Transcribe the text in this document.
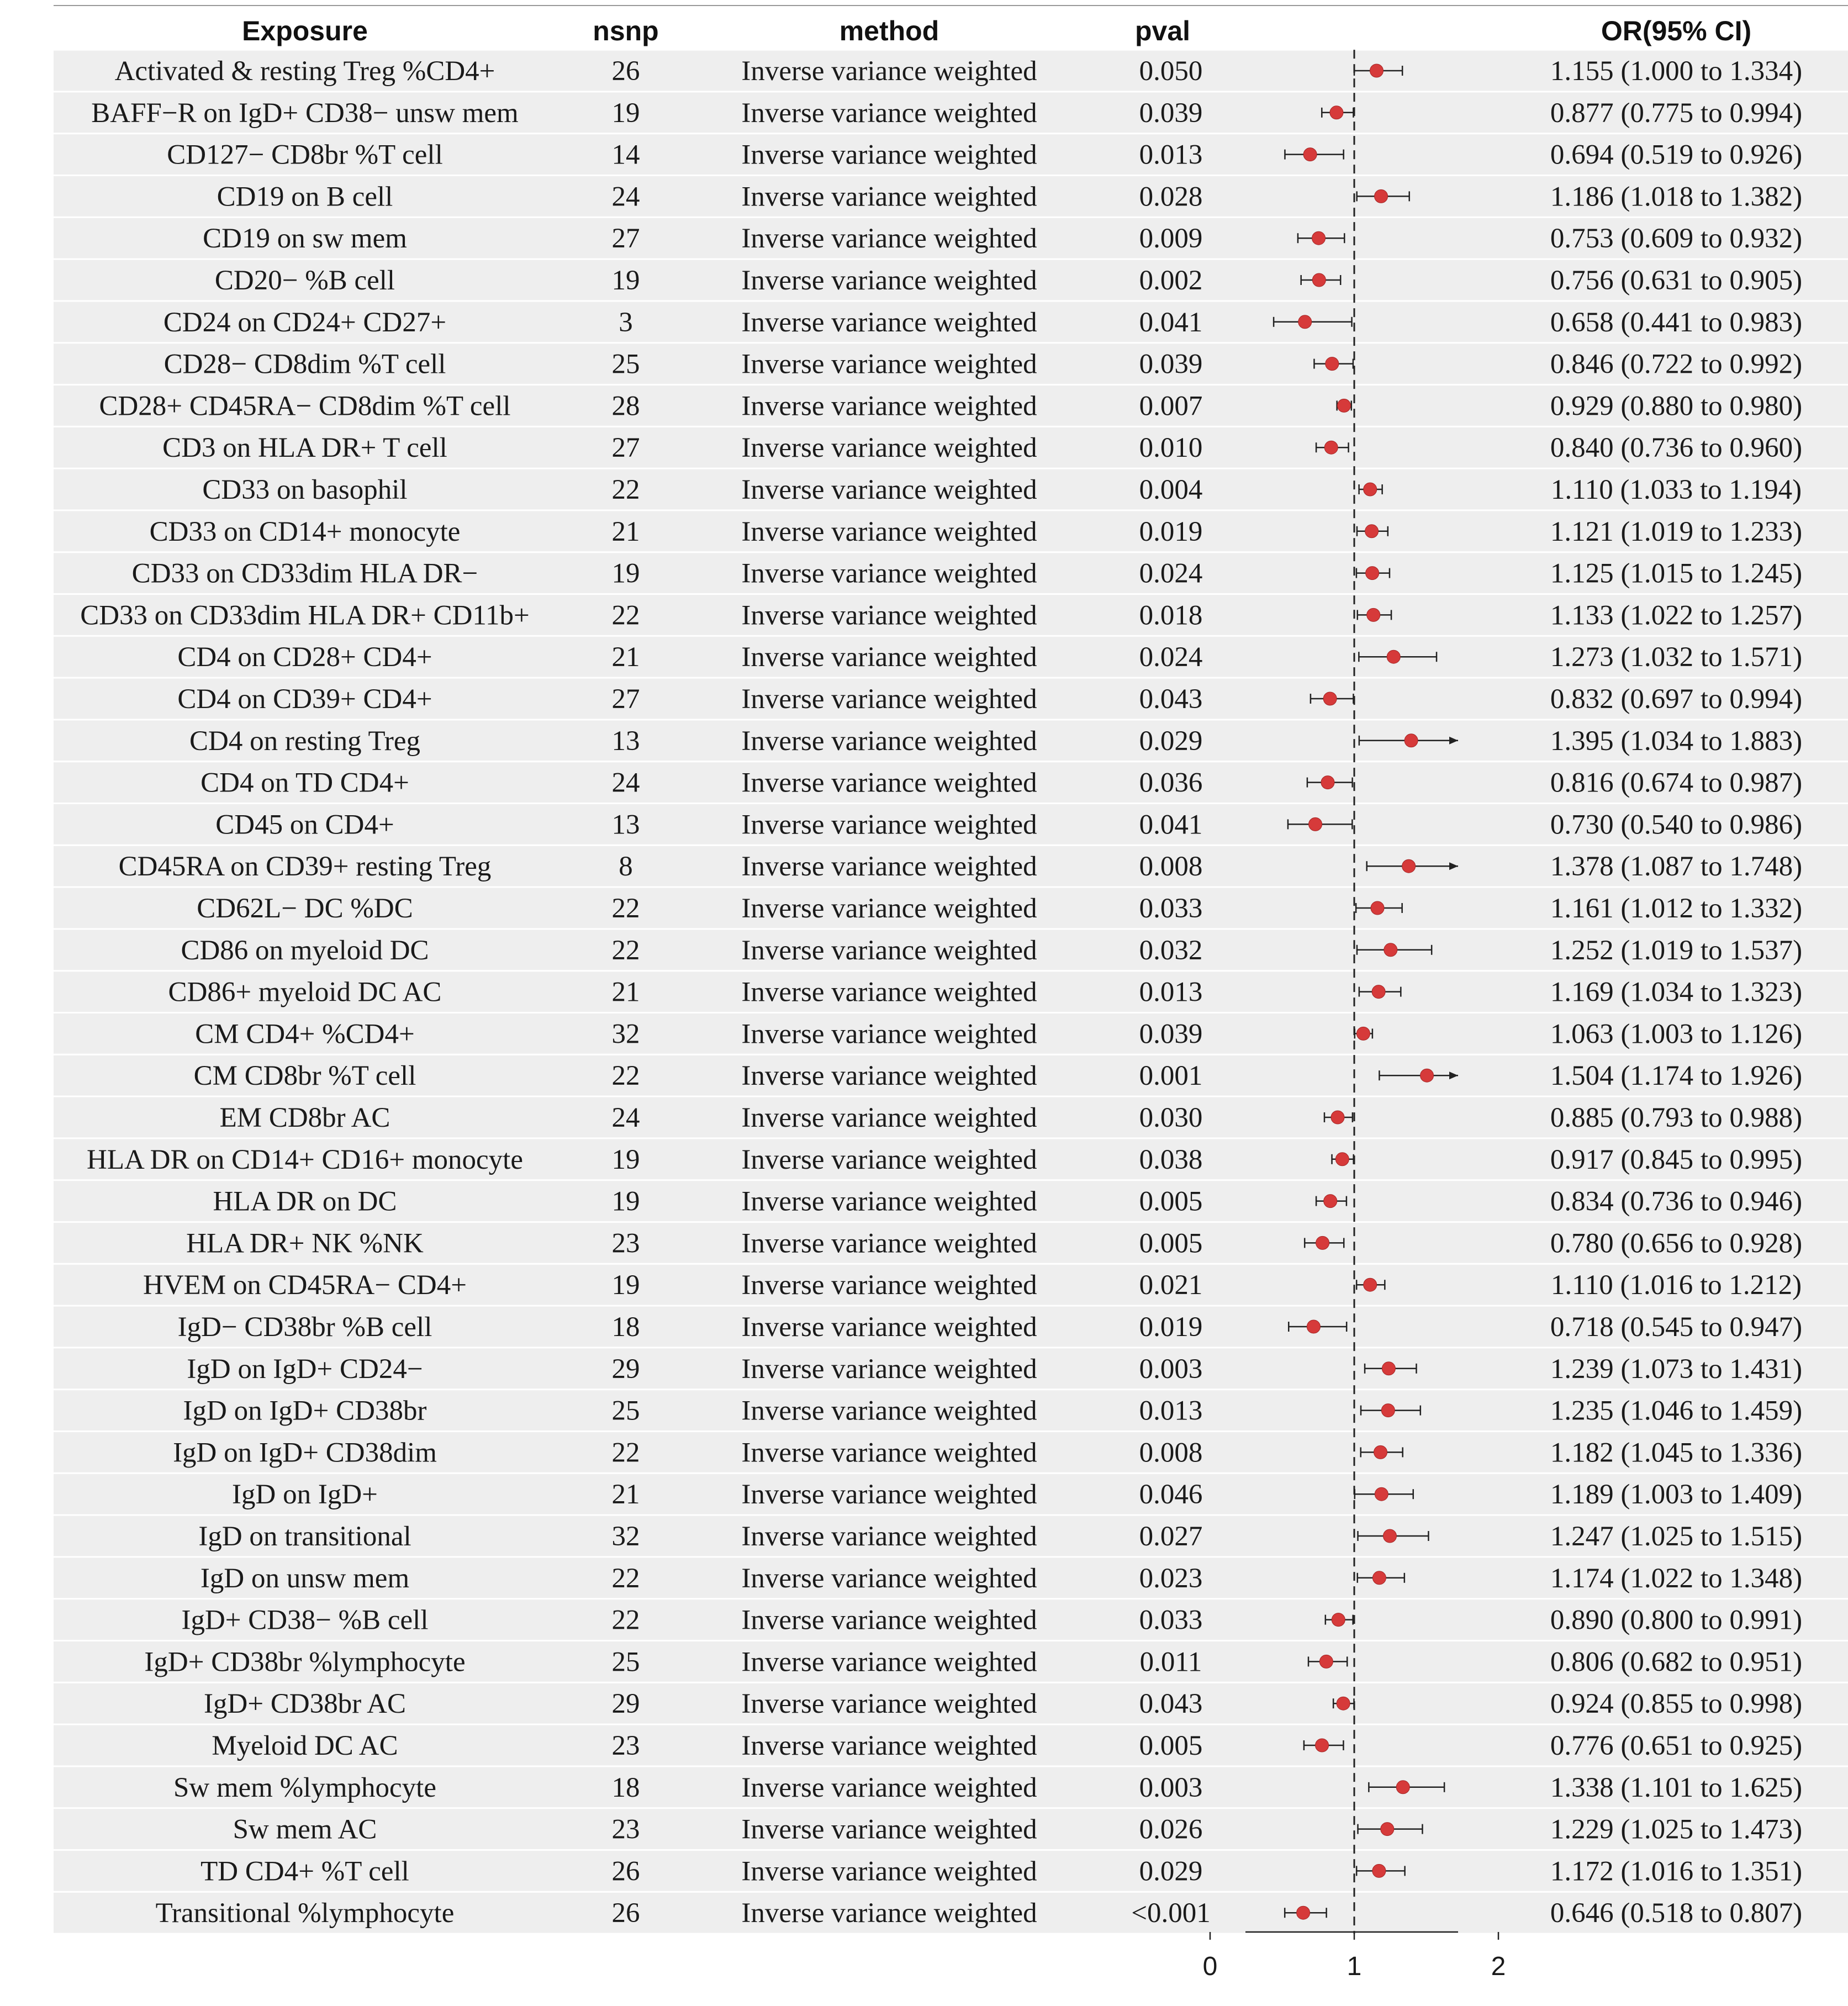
Exposure	nsnp	method	pval	OR(95% CI)
Activated & resting Treg %CD4+	26	Inverse variance weighted	0.050	1.155 (1.000 to 1.334)
BAFF−R on IgD+ CD38− unsw mem	19	Inverse variance weighted	0.039	0.877 (0.775 to 0.994)
CD127− CD8br %T cell	14	Inverse variance weighted	0.013	0.694 (0.519 to 0.926)
CD19 on B cell	24	Inverse variance weighted	0.028	1.186 (1.018 to 1.382)
CD19 on sw mem	27	Inverse variance weighted	0.009	0.753 (0.609 to 0.932)
CD20− %B cell	19	Inverse variance weighted	0.002	0.756 (0.631 to 0.905)
CD24 on CD24+ CD27+	3	Inverse variance weighted	0.041	0.658 (0.441 to 0.983)
CD28− CD8dim %T cell	25	Inverse variance weighted	0.039	0.846 (0.722 to 0.992)
CD28+ CD45RA− CD8dim %T cell	28	Inverse variance weighted	0.007	0.929 (0.880 to 0.980)
CD3 on HLA DR+ T cell	27	Inverse variance weighted	0.010	0.840 (0.736 to 0.960)
CD33 on basophil	22	Inverse variance weighted	0.004	1.110 (1.033 to 1.194)
CD33 on CD14+ monocyte	21	Inverse variance weighted	0.019	1.121 (1.019 to 1.233)
CD33 on CD33dim HLA DR−	19	Inverse variance weighted	0.024	1.125 (1.015 to 1.245)
CD33 on CD33dim HLA DR+ CD11b+	22	Inverse variance weighted	0.018	1.133 (1.022 to 1.257)
CD4 on CD28+ CD4+	21	Inverse variance weighted	0.024	1.273 (1.032 to 1.571)
CD4 on CD39+ CD4+	27	Inverse variance weighted	0.043	0.832 (0.697 to 0.994)
CD4 on resting Treg	13	Inverse variance weighted	0.029	1.395 (1.034 to 1.883)
CD4 on TD CD4+	24	Inverse variance weighted	0.036	0.816 (0.674 to 0.987)
CD45 on CD4+	13	Inverse variance weighted	0.041	0.730 (0.540 to 0.986)
CD45RA on CD39+ resting Treg	8	Inverse variance weighted	0.008	1.378 (1.087 to 1.748)
CD62L− DC %DC	22	Inverse variance weighted	0.033	1.161 (1.012 to 1.332)
CD86 on myeloid DC	22	Inverse variance weighted	0.032	1.252 (1.019 to 1.537)
CD86+ myeloid DC AC	21	Inverse variance weighted	0.013	1.169 (1.034 to 1.323)
CM CD4+ %CD4+	32	Inverse variance weighted	0.039	1.063 (1.003 to 1.126)
CM CD8br %T cell	22	Inverse variance weighted	0.001	1.504 (1.174 to 1.926)
EM CD8br AC	24	Inverse variance weighted	0.030	0.885 (0.793 to 0.988)
HLA DR on CD14+ CD16+ monocyte	19	Inverse variance weighted	0.038	0.917 (0.845 to 0.995)
HLA DR on DC	19	Inverse variance weighted	0.005	0.834 (0.736 to 0.946)
HLA DR+ NK %NK	23	Inverse variance weighted	0.005	0.780 (0.656 to 0.928)
HVEM on CD45RA− CD4+	19	Inverse variance weighted	0.021	1.110 (1.016 to 1.212)
IgD− CD38br %B cell	18	Inverse variance weighted	0.019	0.718 (0.545 to 0.947)
IgD on IgD+ CD24−	29	Inverse variance weighted	0.003	1.239 (1.073 to 1.431)
IgD on IgD+ CD38br	25	Inverse variance weighted	0.013	1.235 (1.046 to 1.459)
IgD on IgD+ CD38dim	22	Inverse variance weighted	0.008	1.182 (1.045 to 1.336)
IgD on IgD+	21	Inverse variance weighted	0.046	1.189 (1.003 to 1.409)
IgD on transitional	32	Inverse variance weighted	0.027	1.247 (1.025 to 1.515)
IgD on unsw mem	22	Inverse variance weighted	0.023	1.174 (1.022 to 1.348)
IgD+ CD38− %B cell	22	Inverse variance weighted	0.033	0.890 (0.800 to 0.991)
IgD+ CD38br %lymphocyte	25	Inverse variance weighted	0.011	0.806 (0.682 to 0.951)
IgD+ CD38br AC	29	Inverse variance weighted	0.043	0.924 (0.855 to 0.998)
Myeloid DC AC	23	Inverse variance weighted	0.005	0.776 (0.651 to 0.925)
Sw mem %lymphocyte	18	Inverse variance weighted	0.003	1.338 (1.101 to 1.625)
Sw mem AC	23	Inverse variance weighted	0.026	1.229 (1.025 to 1.473)
TD CD4+ %T cell	26	Inverse variance weighted	0.029	1.172 (1.016 to 1.351)
Transitional %lymphocyte	26	Inverse variance weighted	<0.001	0.646 (0.518 to 0.807)
0	1	2
